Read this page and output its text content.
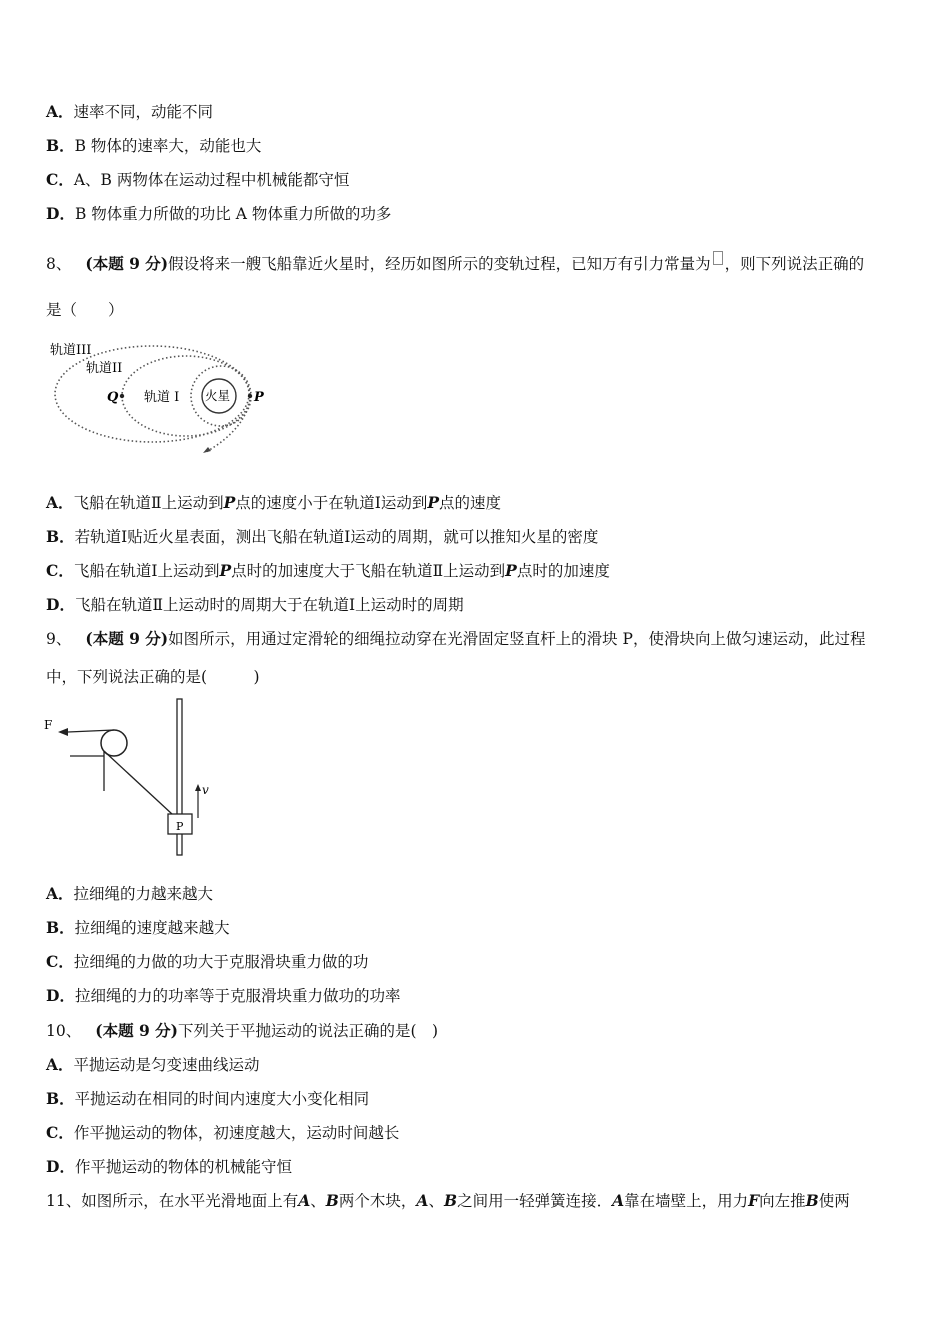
A．速率不同，动能不同
B．B 物体的速率大，动能也大
C．A、B 两物体在运动过程中机械能都守恒
D．B 物体重力所做的功比 A 物体重力所做的功多
8、 (本题 9 分)假设将来一艘飞船靠近火星时，经历如图所示的变轨过程，已知万有引力常量为 ，则下列说法正确的
是（　　）
轨道III
轨道II
轨道 I 火星
Q	P
A．飞船在轨道Ⅱ上运动到P点的速度小于在轨道Ⅰ运动到P点的速度
B．若轨道Ⅰ贴近火星表面，测出飞船在轨道Ⅰ运动的周期，就可以推知火星的密度
C．飞船在轨道Ⅰ上运动到P点时的加速度大于飞船在轨道Ⅱ上运动到P点时的加速度
D．飞船在轨道Ⅱ上运动时的周期大于在轨道Ⅰ上运动时的周期
9、 (本题 9 分)如图所示，用通过定滑轮的细绳拉动穿在光滑固定竖直杆上的滑块 P，使滑块向上做匀速运动，此过程
中，下列说法正确的是(　　　)
F
v
P
A．拉细绳的力越来越大
B．拉细绳的速度越来越大
C．拉细绳的力做的功大于克服滑块重力做的功
D．拉细绳的力的功率等于克服滑块重力做功的功率
10、 (本题 9 分)下列关于平抛运动的说法正确的是(　)
A．平抛运动是匀变速曲线运动
B．平抛运动在相同的时间内速度大小变化相同
C．作平抛运动的物体，初速度越大，运动时间越长
D．作平抛运动的物体的机械能守恒
11、如图所示，在水平光滑地面上有A、B两个木块，A、B之间用一轻弹簧连接．A靠在墙壁上，用力F向左推B使两
